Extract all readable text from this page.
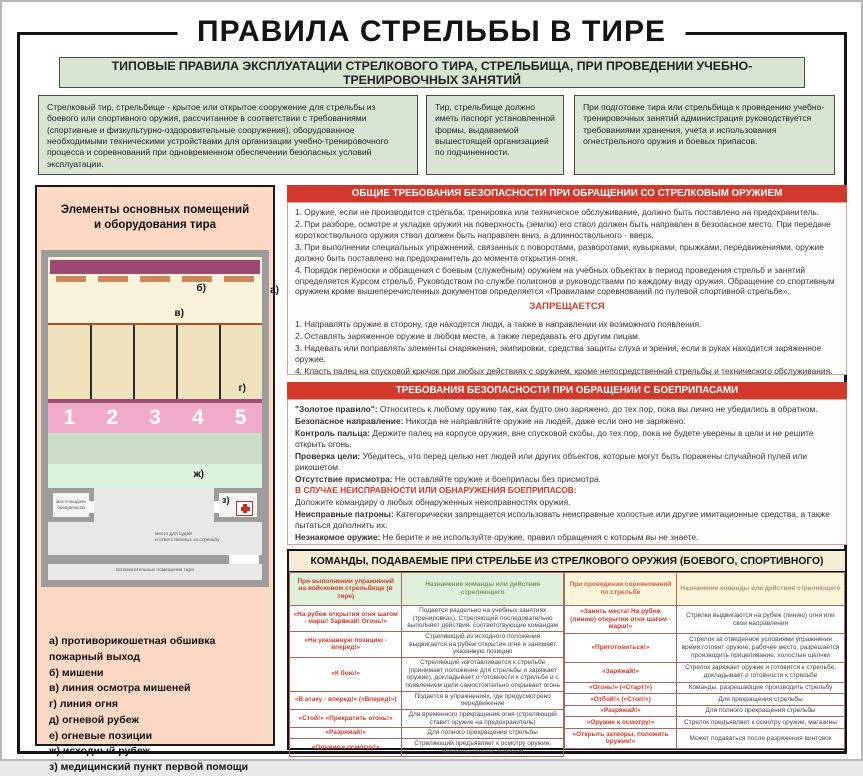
ПРАВИЛА СТРЕЛЬБЫ В ТИРЕ
ТИПОВЫЕ ПРАВИЛА ЭКСПЛУАТАЦИИ СТРЕЛКОВОГО ТИРА, СТРЕЛЬБИЩА, ПРИ ПРОВЕДЕНИИ УЧЕБНО-ТРЕНИРОВОЧНЫХ ЗАНЯТИЙ
Стрелковый тир, стрельбище - крытое или открытое сооружение для стрельбы из боевого или спортивного оружия, рассчитанное в соответствии с требованиями (спортивные и физкультурно-оздоровительные сооружения), оборудованное необходимыми техническими устройствами для организации учебно-тренировочного процесса и соревнований при одновременном обеспечении безопасных условий эксплуатации.
Тир, стрельбище должно иметь паспорт установленной формы, выдаваемой вышестоящей организацией по подчиненности.
При подготовке тира или стрельбища к проведению учебно-тренировочных занятий администрация руководствуется требованиями хранения, учета и использования огнестрельного оружия и боевых припасов.
Элементы основных помещений
и оборудования тира
б)	а)
в)
г)
1	2	3	4	5
ж)
место выдачи боеприпасов
з)
место для судей

и ответственных за стрельбу
вспомогательные помещения тира
а) противорикошетная обшивка пожарный выход
б) мишени
в) линия осмотра мишеней
г) линия огня
д) огневой рубеж
е) огневые позиции
ж) исходный рубеж
з) медицинский пункт первой помощи
ОБЩИЕ ТРЕБОВАНИЯ БЕЗОПАСНОСТИ ПРИ ОБРАЩЕНИИ СО СТРЕЛКОВЫМ ОРУЖИЕМ

1. Оружие, если не производится стрельба, тренировка или техническое обслуживание, должно быть поставлено на предохранитель.

2. При разборе, осмотре и укладке оружия на поверхность (землю) его ствол должен быть направлен в безопасное место. При передаче короткоствольного оружия ствол должен быть направлен вниз, а длинноствольного - вверх.

3. При выполнении специальных упражнений, связанных с поворотами, разворотами, кувырками, прыжками, передвижениями, оружие должно быть поставлено на предохранитель до момента открытия огня.

4. Порядок переноски и обращения с боевым (служебным) оружием на учебных объектах в период проведения стрельб и занятий определяется Курсом стрельб, Руководством по службе полигонов и руководствами по каждому виду оружия. Обращение со спортивным оружием кроме вышеперечисленных документов определяется «Правилами соревнований по пулевой спортивной стрельбе».

ЗАПРЕЩАЕТСЯ

1. Направлять оружие в сторону, где находятся люди, а также в направлении их возможного появления.

2. Оставлять заряженное оружие в любом месте, а также передавать его другим лицам.

3. Надевать или поправлять элементы снаряжения, экипировки, средства защиты слуха и зрения, если в руках находится заряженное оружие.

4. Класть палец на спусковой крючок при любых действиях с оружием, кроме непосредственной стрельбы и технического обслуживания.

ТРЕБОВАНИЯ БЕЗОПАСНОСТИ ПРИ ОБРАЩЕНИИ С БОЕПРИПАСАМИ

"Золотое правило": Относитесь к любому оружию так, как будто оно заряжено, до тех пор, пока вы лично не убедились в обратном.

Безопасное направление: Никогда не направляйте оружие на людей, даже если оно не заряжено.

Контроль пальца: Держите палец на корпусе оружия, вне спусковой скобы, до тех пор, пока не будете уверены в цели и не решите открыть огонь.

Проверка цели: Убедитесь, что перед целью нет людей или других объектов, которые могут быть поражены случайной пулей или рикошетом.

Отсутствие присмотра: Не оставляйте оружие и боеприпасы без присмотра.

В СЛУЧАЕ НЕИСПРАВНОСТИ ИЛИ ОБНАРУЖЕНИЯ БОЕПРИПАСОВ:

Доложите командиру о любых обнаруженных неисправностях оружия.

Неисправные патроны: Категорически запрещается использовать неисправные холостые или другие имитационные средства, а также пытаться дополнить их.

Незнакомое оружие: Не берите и не используйте оружие, правил обращения с которым вы не знаете.

КОМАНДЫ, ПОДАВАЕМЫЕ ПРИ СТРЕЛЬБЕ ИЗ СТРЕЛКОВОГО ОРУЖИЯ (БОЕВОГО, СПОРТИВНОГО)
При выполнении упражнений на войсковом стрельбище (в тире)	Назначение команды или действия стреляющего
«На рубеж открытия огня шагом - марш! Заряжай! Огонь!»	Подается раздельно на учебных занятиях (тренировках). Стреляющий последовательно выполняет действия, соответствующие командам
«На указанную позицию - вперед!»	Стреляющий из исходного положения выдвигается на рубеж открытия огня и занимает указанную позицию
«К бою!»	Стреляющий изготавливается к стрельбе (принимает положение для стрельбы и заряжает оружие), докладывает о готовности к стрельбе и с появлением цели самостоятельно открывает огонь
«В атаку - вперед!» («Вперед!»)	Подается в упражнениях, где предусмотрено передвижение
«Стой!» «Прекратить огонь!»	Для временного прекращения огня (стреляющий ставит оружие на предохранитель)
«Разряжай!»	Для полного прекращения стрельбы
«Оружие к осмотру!»	Стреляющий предъявляет к осмотру оружие, магазины (ленты, коробки)
При проведении соревнований по стрельбе	Назначение команды или действия стреляющего
«Занять места! На рубеж (линию) открытия огня шагом - марш!»	Стрелки выдвигаются на рубеж (линию) огня или свои направления
«Приготовиться!»	Стрелок за отведенное условиями упражнения время готовит оружие, рабочее место, разрешается производить прицеливание, холостые щелчки
«Заряжай!»	Стрелок заряжает оружие и готовится к стрельбе, докладывает о готовности к стрельбе
«Огонь!» («Старт!»)	Команды, разрешающие производить стрельбу
«Отбой!» («Стоп!»)	Для прекращения стрельбы
«Разряжай!»	Для полного прекращения стрельбы
«Оружие к осмотру!»	Стрелок предъявляет к осмотру оружие, магазины
«Открыть затворы, положить оружие!»	Может подаваться после разряжения винтовок
